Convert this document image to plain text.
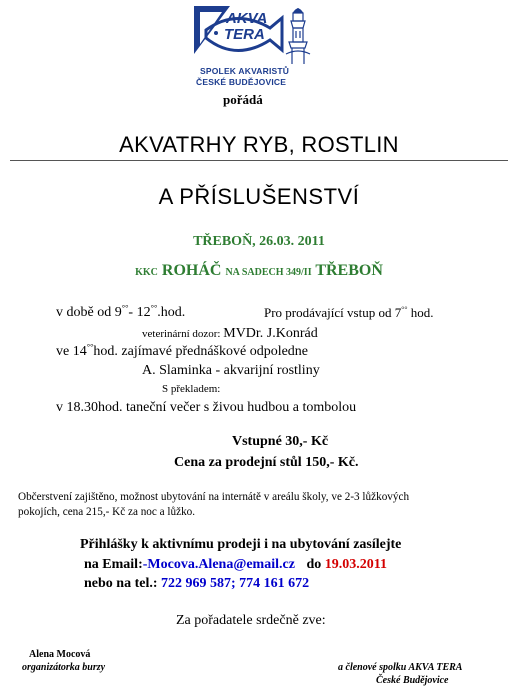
AKVA
TERA
SPOLEK AKVARISTŮ
ČESKÉ BUDĚJOVICE
pořádá
AKVATRHY RYB, ROSTLIN
A PŘÍSLUŠENSTVÍ
TŘEBOŇ, 26.03. 2011
KKC ROHÁČ NA SADECH 349/II TŘEBOŇ
v době od 9°°- 12°°.hod.	Pro prodávající vstup od 7°° hod.
veterinární dozor: MVDr. J.Konrád
ve 14°°hod. zajímavé přednáškové odpoledne
A. Slaminka - akvarijní rostliny
S překladem:
v 18.30hod. taneční večer s živou hudbou a tombolou
Vstupné 30,- Kč
Cena za prodejní stůl 150,- Kč.
Občerstvení zajištěno, možnost ubytování na internátě v areálu školy, ve 2-3 lůžkových
pokojích, cena 215,- Kč za noc a lůžko.
Přihlášky k aktivnímu prodeji i na ubytování zasílejte
na Email:-Mocova.Alena@email.cz do 19.03.2011
nebo na tel.: 722 969 587; 774 161 672
Za pořadatele srdečně zve:
Alena Mocová
organizátorka burzy	a členové spolku AKVA TERA
České Budějovice
